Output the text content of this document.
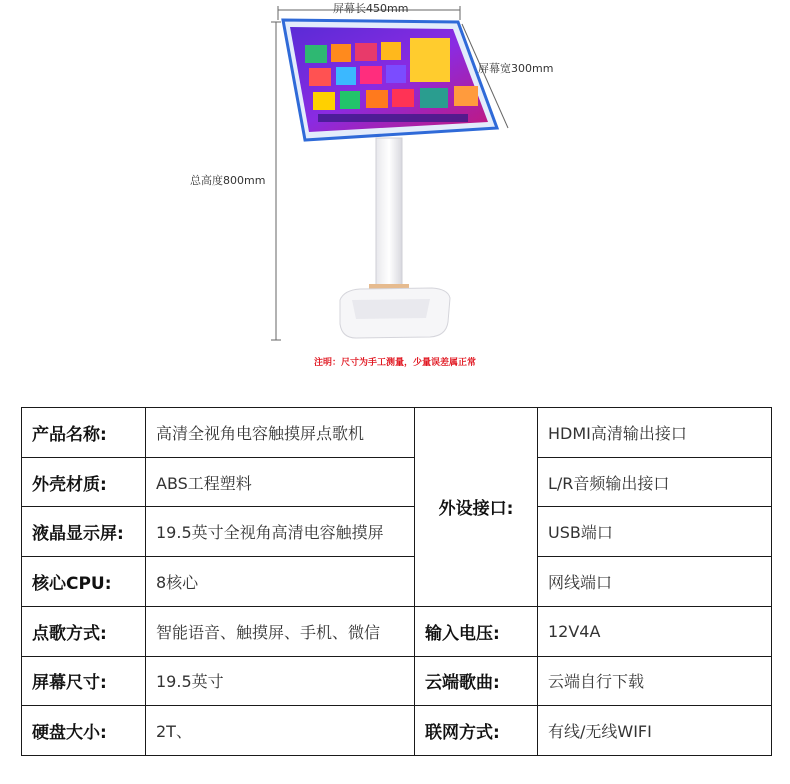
屏幕长450mm
屏幕宽300mm
总高度800mm
注明：尺寸为手工测量，少量误差属正常
产品名称:	高清全视角电容触摸屏点歌机	外设接口:	HDMI高清输出接口
外壳材质:	ABS工程塑料		L/R音频输出接口
液晶显示屏:	19.5英寸全视角高清电容触摸屏		USB端口
核心CPU:	8核心		网线端口
点歌方式:	智能语音、触摸屏、手机、微信	输入电压:	12V4A
屏幕尺寸:	19.5英寸	云端歌曲:	云端自行下载
硬盘大小:	2T、	联网方式:	有线/无线WIFI
